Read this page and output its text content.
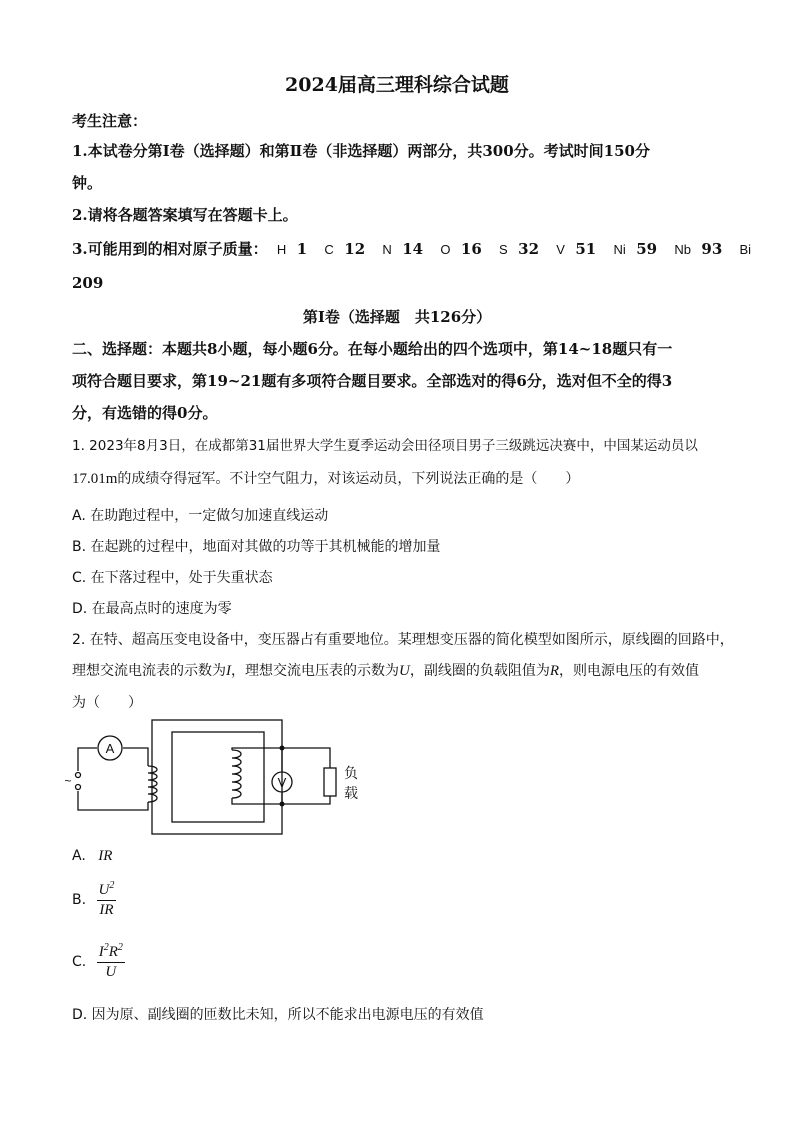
2024届高三理科综合试题
考生注意：
1.本试卷分第Ⅰ卷（选择题）和第Ⅱ卷（非选择题）两部分，共300分。考试时间150分
钟。
2.请将各题答案填写在答题卡上。
3.可能用到的相对原子质量： H 1 C 12 N 14 O 16 S 32 V 51 Ni 59 Nb 93 Bi
209
第Ⅰ卷（选择题　共126分）
二、选择题：本题共8小题，每小题6分。在每小题给出的四个选项中，第14~18题只有一
项符合题目要求，第19~21题有多项符合题目要求。全部选对的得6分，选对但不全的得3
分，有选错的得0分。
1. 2023年8月3日，在成都第31届世界大学生夏季运动会田径项目男子三级跳远决赛中，中国某运动员以
17.01m的成绩夺得冠军。不计空气阻力，对该运动员，下列说法正确的是（　　）
A. 在助跑过程中，一定做匀加速直线运动
B. 在起跳的过程中，地面对其做的功等于其机械能的增加量
C. 在下落过程中，处于失重状态
D. 在最高点时的速度为零
2. 在特、超高压变电设备中，变压器占有重要地位。某理想变压器的简化模型如图所示，原线圈的回路中，
理想交流电流表的示数为I，理想交流电压表的示数为U，副线圈的负载阻值为R，则电源电压的有效值
为（　　）
A
V
~	负
载
A. IR
B. $\frac{U^2}{IR}$
C. $\frac{I^2R^2}{U}$
D. 因为原、副线圈的匝数比未知，所以不能求出电源电压的有效值
